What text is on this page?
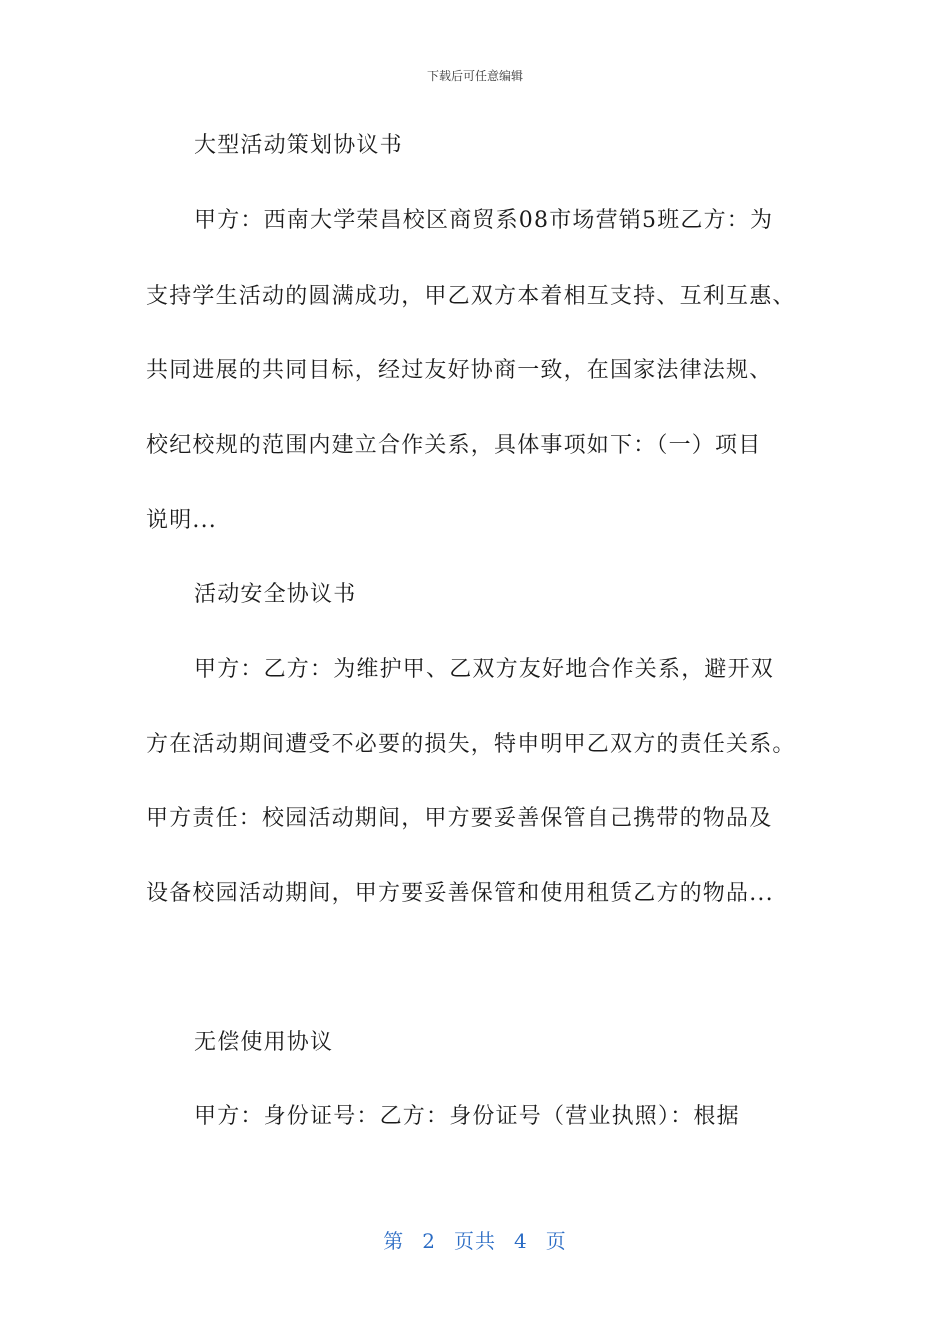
下载后可任意编辑
大型活动策划协议书
甲方：西南大学荣昌校区商贸系08市场营销5班乙方：为
支持学生活动的圆满成功，甲乙双方本着相互支持、互利互惠、
共同进展的共同目标，经过友好协商一致，在国家法律法规、
校纪校规的范围内建立合作关系，具体事项如下：（一）项目
说明...
活动安全协议书
甲方：乙方：为维护甲、乙双方友好地合作关系，避开双
方在活动期间遭受不必要的损失，特申明甲乙双方的责任关系。
甲方责任：校园活动期间，甲方要妥善保管自己携带的物品及
设备校园活动期间，甲方要妥善保管和使用租赁乙方的物品...
无偿使用协议
甲方：身份证号：乙方：身份证号（营业执照）：根据
第 2 页共 4 页
